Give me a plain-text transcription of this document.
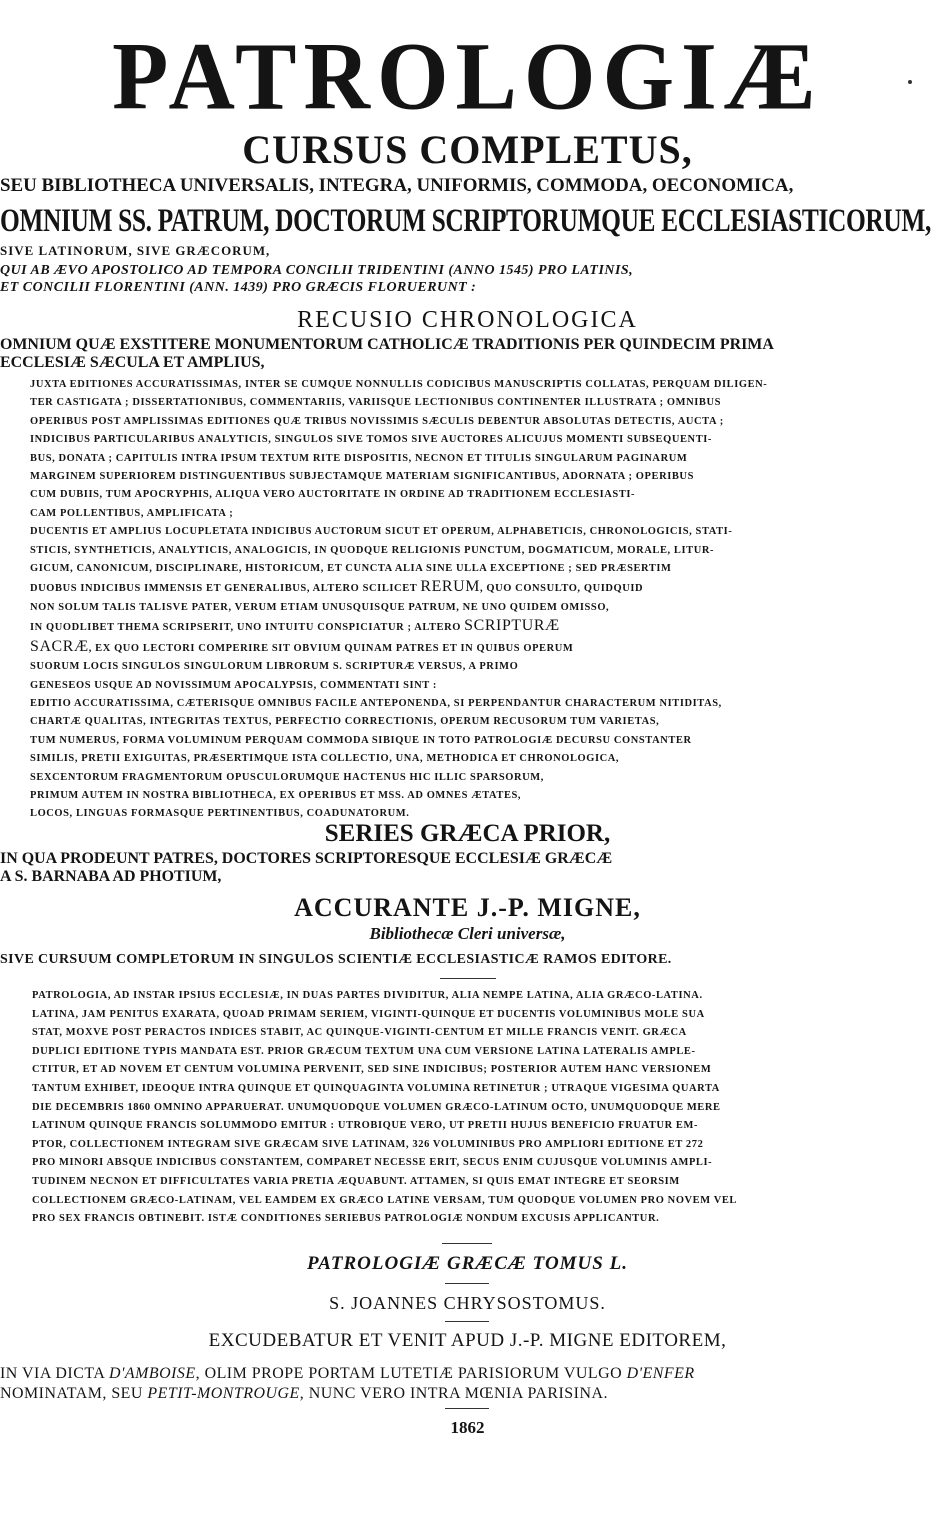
PATROLOGIÆ
CURSUS COMPLETUS,
SEU BIBLIOTHECA UNIVERSALIS, INTEGRA, UNIFORMIS, COMMODA, OECONOMICA,
OMNIUM SS. PATRUM, DOCTORUM SCRIPTORUMQUE ECCLESIASTICORUM,
SIVE LATINORUM, SIVE GRÆCORUM,
QUI AB ÆVO APOSTOLICO AD TEMPORA CONCILII TRIDENTINI (ANNO 1545) PRO LATINIS,
ET CONCILII FLORENTINI (ANN. 1439) PRO GRÆCIS FLORUERUNT :
RECUSIO CHRONOLOGICA
OMNIUM QUÆ EXSTITERE MONUMENTORUM CATHOLICÆ TRADITIONIS PER QUINDECIM PRIMA
ECCLESIÆ SÆCULA ET AMPLIUS,

JUXTA EDITIONES ACCURATISSIMAS, INTER SE CUMQUE NONNULLIS CODICIBUS MANUSCRIPTIS COLLATAS, PERQUAM DILIGEN-

TER CASTIGATA ; DISSERTATIONIBUS, COMMENTARIIS, VARIISQUE LECTIONIBUS CONTINENTER ILLUSTRATA ; OMNIBUS

OPERIBUS POST AMPLISSIMAS EDITIONES QUÆ TRIBUS NOVISSIMIS SÆCULIS DEBENTUR ABSOLUTAS DETECTIS, AUCTA ;

INDICIBUS PARTICULARIBUS ANALYTICIS, SINGULOS SIVE TOMOS SIVE AUCTORES ALICUJUS MOMENTI SUBSEQUENTI-

BUS, DONATA ; CAPITULIS INTRA IPSUM TEXTUM RITE DISPOSITIS, NECNON ET TITULIS SINGULARUM PAGINARUM

MARGINEM SUPERIOREM DISTINGUENTIBUS SUBJECTAMQUE MATERIAM SIGNIFICANTIBUS, ADORNATA ; OPERIBUS

CUM DUBIIS, TUM APOCRYPHIS, ALIQUA VERO AUCTORITATE IN ORDINE AD TRADITIONEM ECCLESIASTI-

CAM POLLENTIBUS, AMPLIFICATA ;

DUCENTIS ET AMPLIUS LOCUPLETATA INDICIBUS AUCTORUM SICUT ET OPERUM, ALPHABETICIS, CHRONOLOGICIS, STATI-

STICIS, SYNTHETICIS, ANALYTICIS, ANALOGICIS, IN QUODQUE RELIGIONIS PUNCTUM, DOGMATICUM, MORALE, LITUR-

GICUM, CANONICUM, DISCIPLINARE, HISTORICUM, ET CUNCTA ALIA SINE ULLA EXCEPTIONE ; SED PRÆSERTIM

DUOBUS INDICIBUS IMMENSIS ET GENERALIBUS, ALTERO SCILICET RERUM, QUO CONSULTO, QUIDQUID

NON SOLUM TALIS TALISVE PATER, VERUM ETIAM UNUSQUISQUE PATRUM, NE UNO QUIDEM OMISSO,

IN QUODLIBET THEMA SCRIPSERIT, UNO INTUITU CONSPICIATUR ; ALTERO SCRIPTURÆ

SACRÆ, EX QUO LECTORI COMPERIRE SIT OBVIUM QUINAM PATRES ET IN QUIBUS OPERUM

SUORUM LOCIS SINGULOS SINGULORUM LIBRORUM S. SCRIPTURÆ VERSUS, A PRIMO

GENESEOS USQUE AD NOVISSIMUM APOCALYPSIS, COMMENTATI SINT :

EDITIO ACCURATISSIMA, CÆTERISQUE OMNIBUS FACILE ANTEPONENDA, SI PERPENDANTUR CHARACTERUM NITIDITAS,

CHARTÆ QUALITAS, INTEGRITAS TEXTUS, PERFECTIO CORRECTIONIS, OPERUM RECUSORUM TUM VARIETAS,

TUM NUMERUS, FORMA VOLUMINUM PERQUAM COMMODA SIBIQUE IN TOTO PATROLOGIÆ DECURSU CONSTANTER

SIMILIS, PRETII EXIGUITAS, PRÆSERTIMQUE ISTA COLLECTIO, UNA, METHODICA ET CHRONOLOGICA,

SEXCENTORUM FRAGMENTORUM OPUSCULORUMQUE HACTENUS HIC ILLIC SPARSORUM,

PRIMUM AUTEM IN NOSTRA BIBLIOTHECA, EX OPERIBUS ET MSS. AD OMNES ÆTATES,

LOCOS, LINGUAS FORMASQUE PERTINENTIBUS, COADUNATORUM.

SERIES GRÆCA PRIOR,
IN QUA PRODEUNT PATRES, DOCTORES SCRIPTORESQUE ECCLESIÆ GRÆCÆ
A S. BARNABA AD PHOTIUM,
ACCURANTE J.-P. MIGNE,
Bibliothecæ Cleri universæ,
SIVE CURSUUM COMPLETORUM IN SINGULOS SCIENTIÆ ECCLESIASTICÆ RAMOS EDITORE.

PATROLOGIA, AD INSTAR IPSIUS ECCLESIÆ, IN DUAS PARTES DIVIDITUR, ALIA NEMPE LATINA, ALIA GRÆCO-LATINA.

LATINA, JAM PENITUS EXARATA, QUOAD PRIMAM SERIEM, VIGINTI-QUINQUE ET DUCENTIS VOLUMINIBUS MOLE SUA

STAT, MOXVE POST PERACTOS INDICES STABIT, AC QUINQUE-VIGINTI-CENTUM ET MILLE FRANCIS VENIT. GRÆCA

DUPLICI EDITIONE TYPIS MANDATA EST. PRIOR GRÆCUM TEXTUM UNA CUM VERSIONE LATINA LATERALIS AMPLE-

CTITUR, ET AD NOVEM ET CENTUM VOLUMINA PERVENIT, SED SINE INDICIBUS; POSTERIOR AUTEM HANC VERSIONEM

TANTUM EXHIBET, IDEOQUE INTRA QUINQUE ET QUINQUAGINTA VOLUMINA RETINETUR ; UTRAQUE VIGESIMA QUARTA

DIE DECEMBRIS 1860 OMNINO APPARUERAT. UNUMQUODQUE VOLUMEN GRÆCO-LATINUM OCTO, UNUMQUODQUE MERE

LATINUM QUINQUE FRANCIS SOLUMMODO EMITUR : UTROBIQUE VERO, UT PRETII HUJUS BENEFICIO FRUATUR EM-

PTOR, COLLECTIONEM INTEGRAM SIVE GRÆCAM SIVE LATINAM, 326 VOLUMINIBUS PRO AMPLIORI EDITIONE ET 272

PRO MINORI ABSQUE INDICIBUS CONSTANTEM, COMPARET NECESSE ERIT, SECUS ENIM CUJUSQUE VOLUMINIS AMPLI-

TUDINEM NECNON ET DIFFICULTATES VARIA PRETIA ÆQUABUNT. ATTAMEN, SI QUIS EMAT INTEGRE ET SEORSIM

COLLECTIONEM GRÆCO-LATINAM, VEL EAMDEM EX GRÆCO LATINE VERSAM, TUM QUODQUE VOLUMEN PRO NOVEM VEL

PRO SEX FRANCIS OBTINEBIT. ISTÆ CONDITIONES SERIEBUS PATROLOGIÆ NONDUM EXCUSIS APPLICANTUR.

PATROLOGIÆ GRÆCÆ TOMUS L.
S. JOANNES CHRYSOSTOMUS.
EXCUDEBATUR ET VENIT APUD J.-P. MIGNE EDITOREM,
IN VIA DICTA D'AMBOISE, OLIM PROPE PORTAM LUTETIÆ PARISIORUM VULGO D'ENFER
NOMINATAM, SEU PETIT-MONTROUGE, NUNC VERO INTRA MŒNIA PARISINA.
1862
